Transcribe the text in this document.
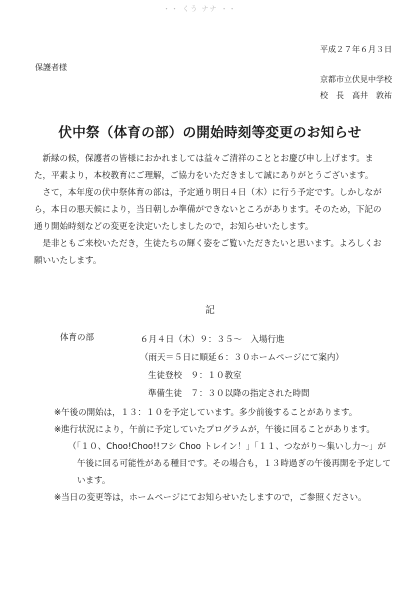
・・ くう ナナ ・・
平成２７年６月３日
保護者様
京都市立伏見中学校
校　長　高井　敦祐
伏中祭（体育の部）の開始時刻等変更のお知らせ

新緑の候，保護者の皆様におかれましては益々ご清祥のこととお慶び申し上げます。また，平素より，本校教育にご理解，ご協力をいただきまして誠にありがとうございます。

さて，本年度の伏中祭体育の部は，予定通り明日４日（木）に行う予定です。しかしながら，本日の悪天候により，当日朝しか準備ができないところがあります。そのため，下記の通り開始時刻などの変更を決定いたしましたので，お知らせいたします。

是非ともご来校いただき，生徒たちの輝く姿をご覧いただきたいと思います。よろしくお願いいたします。

記
体育の部	６月４日（木）９：３５～　入場行進
（雨天＝５日に順延６：３０ホームページにて案内）
生徒登校　９：１０教室
準備生徒　７：３０以降の指定された時間
※午後の開始は，１３：１０を予定しています。多少前後することがあります。
※進行状況により，午前に予定していたプログラムが，午後に回ることがあります。
（「１０、Choo!Choo!!フシ Choo トレイン！」「１１、つながり～集いし力～」が午後に回る可能性がある種目です。その場合も，１３時過ぎの午後再開を予定しています。
※当日の変更等は，ホームページにてお知らせいたしますので，ご参照ください。
